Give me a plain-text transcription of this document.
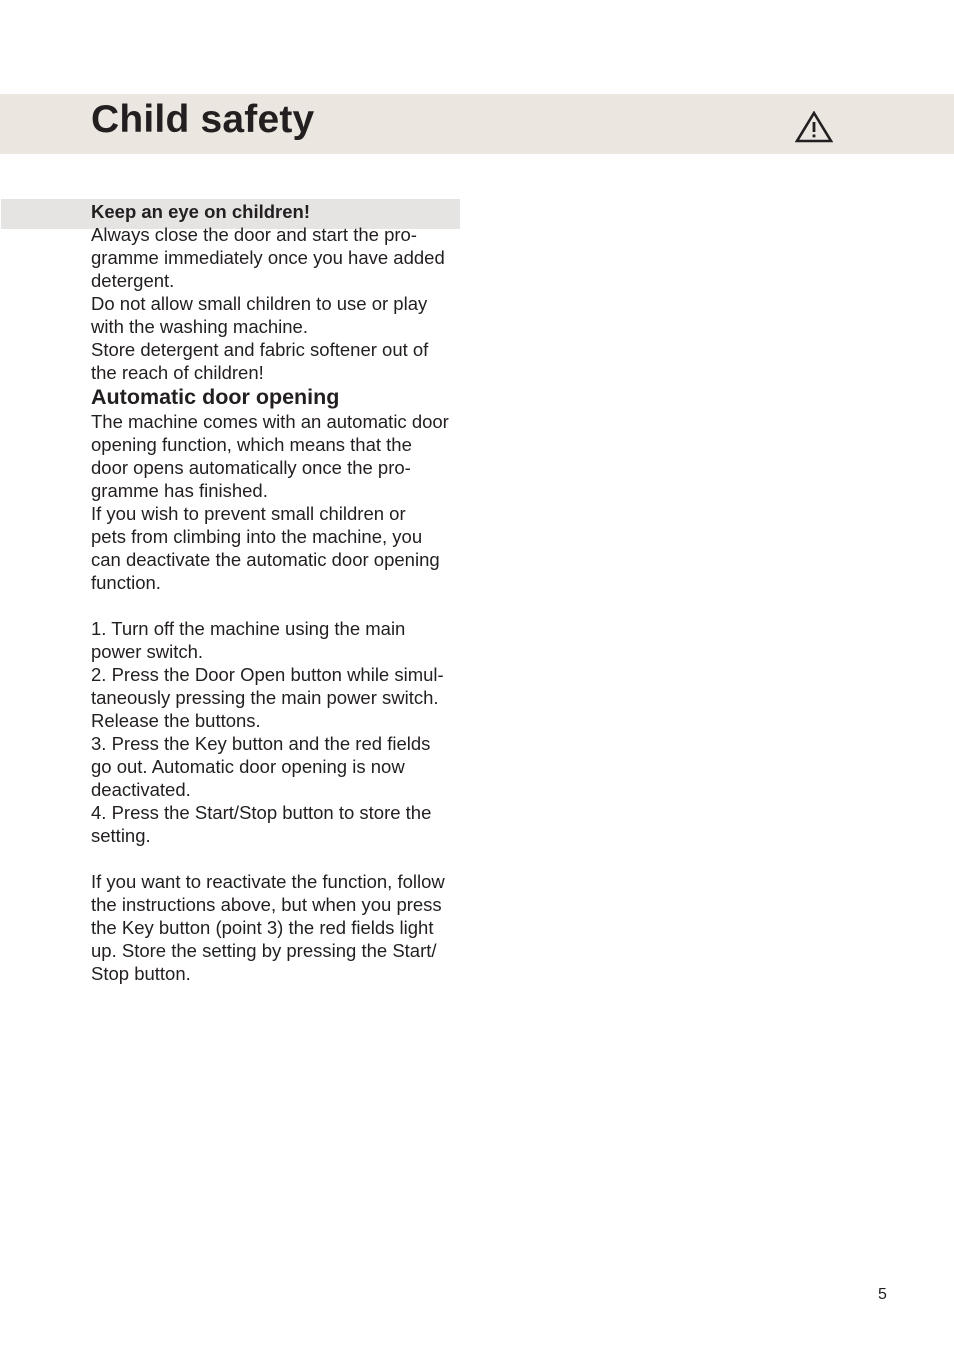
Child safety

Keep an eye on children!

Always close the door and start the pro-

gramme immediately once you have added

detergent.

Do not allow small children to use or play

with the washing machine.

Store detergent and fabric softener out of

the reach of children!

Automatic door opening

The machine comes with an automatic door

opening function, which means that the

door opens automatically once the pro-

gramme has finished.

If you wish to prevent small children or

pets from climbing into the machine, you

can deactivate the automatic door opening

function.

1. Turn off the machine using the main

power switch.

2. Press the Door Open button while simul-

taneously pressing the main power switch.

Release the buttons.

3. Press the Key button and the red fields

go out. Automatic door opening is now

deactivated.

4. Press the Start/Stop button to store the

setting.

If you want to reactivate the function, follow

the instructions above, but when you press

the Key button (point 3) the red fields light

up. Store the setting by pressing the Start/

Stop button.

5
